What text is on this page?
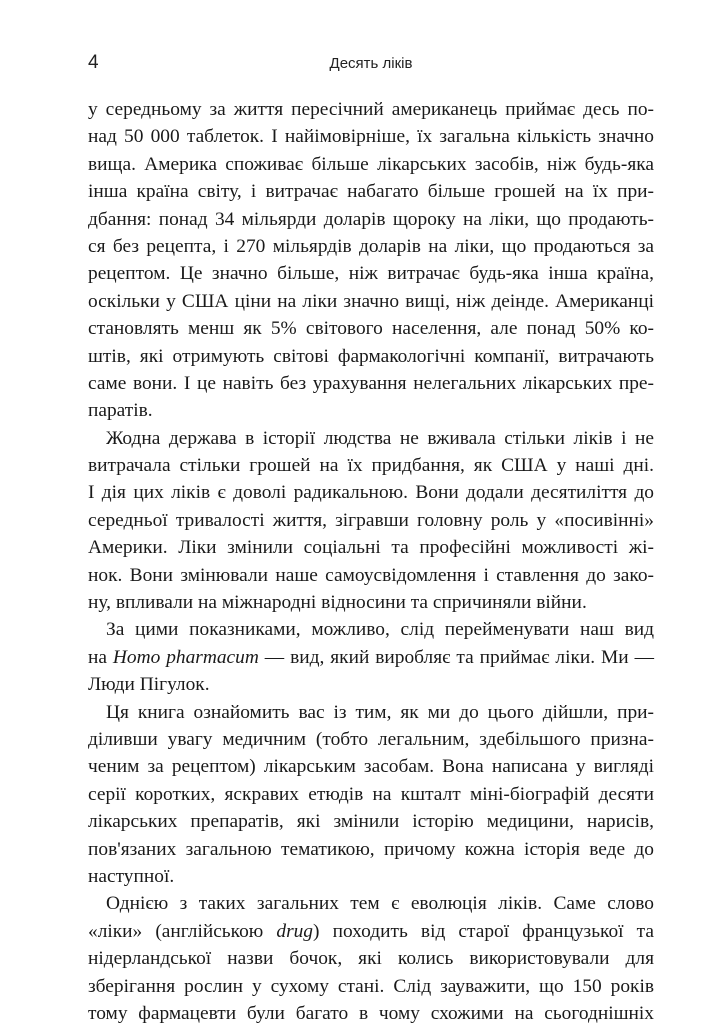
4	Десять ліків
у середньому за життя пересічний американець приймає десь по-
над 50 000 таблеток. І найімовірніше, їх загальна кількість значно
вища. Америка споживає більше лікарських засобів, ніж будь-яка
інша країна світу, і витрачає набагато більше грошей на їх при-
дбання: понад 34 мільярди доларів щороку на ліки, що продають-
ся без рецепта, і 270 мільярдів доларів на ліки, що продаються за
рецептом. Це значно більше, ніж витрачає будь-яка інша країна,
оскільки у США ціни на ліки значно вищі, ніж деінде. Американці
становлять менш як 5% світового населення, але понад 50% ко-
штів, які отримують світові фармакологічні компанії, витрачають
саме вони. І це навіть без урахування нелегальних лікарських пре-
паратів.
Жодна держава в історії людства не вживала стільки ліків і не
витрачала стільки грошей на їх придбання, як США у наші дні.
І дія цих ліків є доволі радикальною. Вони додали десятиліття до
середньої тривалості життя, зігравши головну роль у «посивінні»
Америки. Ліки змінили соціальні та професійні можливості жі-
нок. Вони змінювали наше самоусвідомлення і ставлення до зако-
ну, впливали на міжнародні відносини та спричиняли війни.
За цими показниками, можливо, слід перейменувати наш вид
на Homo pharmacum — вид, який виробляє та приймає ліки. Ми —
Люди Пігулок.
Ця книга ознайомить вас із тим, як ми до цього дійшли, при-
діливши увагу медичним (тобто легальним, здебільшого призна-
ченим за рецептом) лікарським засобам. Вона написана у вигляді
серії коротких, яскравих етюдів на кшталт міні-біографій десяти
лікарських препаратів, які змінили історію медицини, нарисів,
пов'язаних загальною тематикою, причому кожна історія веде до
наступної.
Однією з таких загальних тем є еволюція ліків. Саме слово
«ліки» (англійською drug) походить від старої французької та
нідерландської назви бочок, які колись використовували для
зберігання рослин у сухому стані. Слід зауважити, що 150 років
тому фармацевти були багато в чому схожими на сьогоднішніх
